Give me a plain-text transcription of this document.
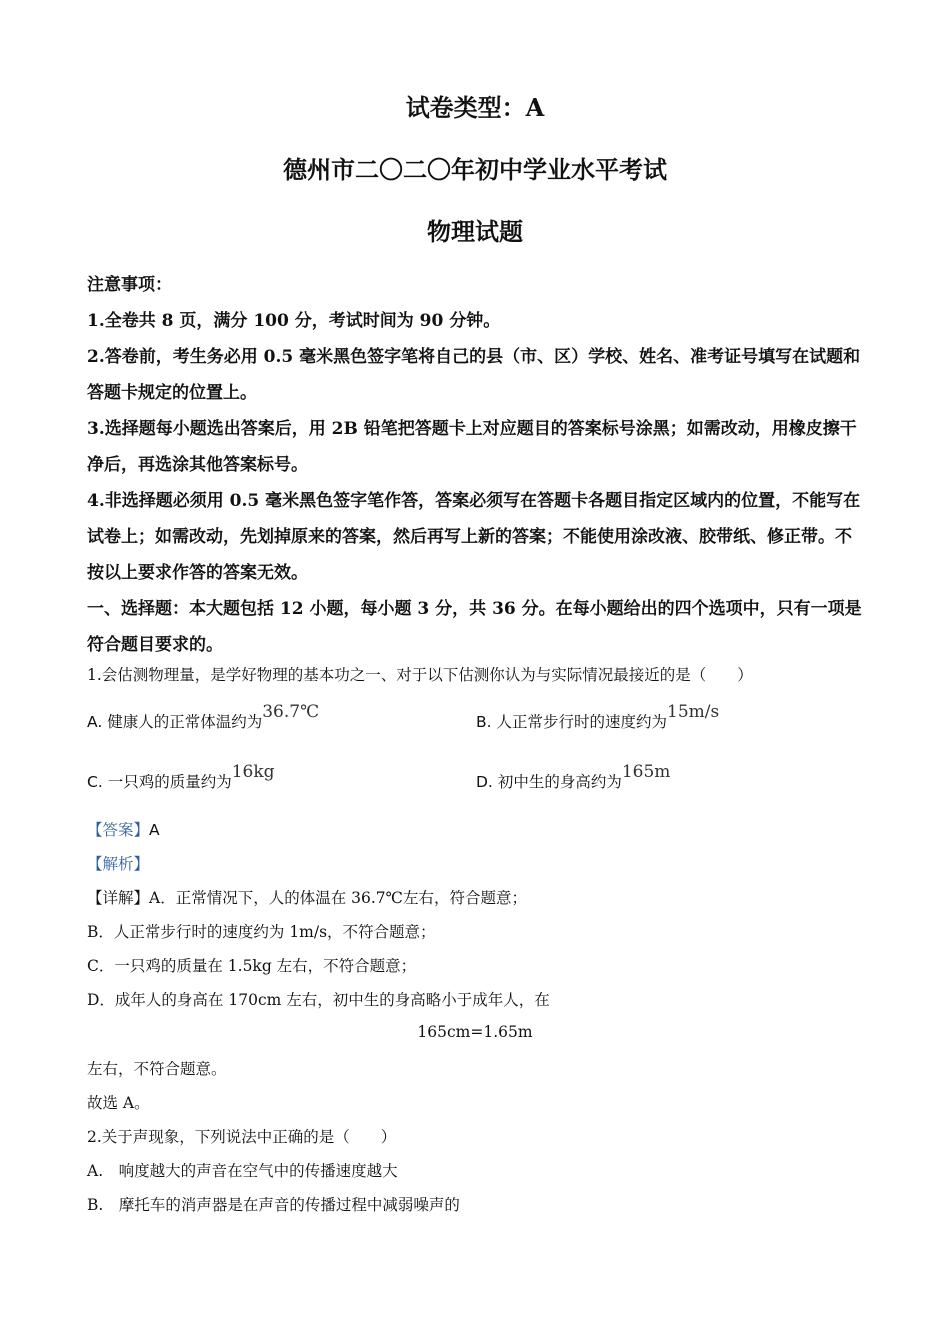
试卷类型：A
德州市二〇二〇年初中学业水平考试
物理试题

注意事项：

1.全卷共 8 页，满分 100 分，考试时间为 90 分钟。

2.答卷前，考生务必用 0.5 毫米黑色签字笔将自己的县（市、区）学校、姓名、准考证号填写在试题和答题卡规定的位置上。

3.选择题每小题选出答案后，用 2B 铅笔把答题卡上对应题目的答案标号涂黑；如需改动，用橡皮擦干净后，再选涂其他答案标号。

4.非选择题必须用 0.5 毫米黑色签字笔作答，答案必须写在答题卡各题目指定区域内的位置，不能写在试卷上；如需改动，先划掉原来的答案，然后再写上新的答案；不能使用涂改液、胶带纸、修正带。不按以上要求作答的答案无效。

一、选择题：本大题包括 12 小题，每小题 3 分，共 36 分。在每小题给出的四个选项中，只有一项是符合题目要求的。

1.会估测物理量，是学好物理的基本功之一、对于以下估测你认为与实际情况最接近的是（　　）
A. 健康人的正常体温约为$^{36.7℃}$	B. 人正常步行时的速度约为$^{15m/s}$
C. 一只鸡的质量约为$^{16kg}$	D. 初中生的身高约为$^{165m}$
【答案】A
【解析】
【详解】A．正常情况下，人的体温在 36.7℃左右，符合题意；
B．人正常步行时的速度约为 1m/s，不符合题意；
C．一只鸡的质量在 1.5kg 左右，不符合题意；
D．成年人的身高在 170cm 左右，初中生的身高略小于成年人，在
165cm=1.65m
左右，不符合题意。
故选 A。
2.关于声现象，下列说法中正确的是（　　）
A.　响度越大的声音在空气中的传播速度越大
B.　摩托车的消声器是在声音的传播过程中减弱噪声的
